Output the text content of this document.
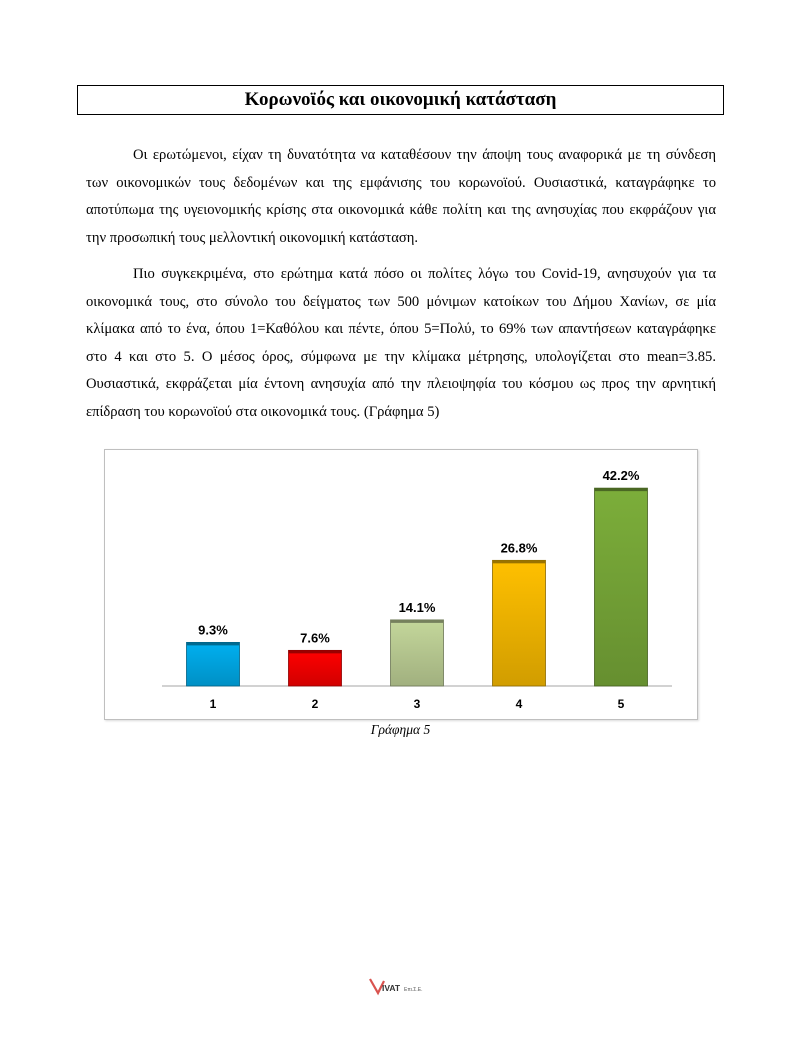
Κορωνοϊός και οικονομική κατάσταση

Οι ερωτώμενοι, είχαν τη δυνατότητα να καταθέσουν την άποψη τους αναφορικά με τη σύνδεση των οικονομικών τους δεδομένων και της εμφάνισης του κορωνοϊού. Ουσιαστικά, καταγράφηκε το αποτύπωμα της υγειονομικής κρίσης στα οικονομικά κάθε πολίτη και της ανησυχίας που εκφράζουν για την προσωπική τους μελλοντική οικονομική κατάσταση.

Πιο συγκεκριμένα, στο ερώτημα κατά πόσο οι πολίτες λόγω του Covid-19, ανησυχούν για τα οικονομικά τους, στο σύνολο του δείγματος των 500 μόνιμων κατοίκων του Δήμου Χανίων, σε μία κλίμακα από το ένα, όπου 1=Καθόλου και πέντε, όπου 5=Πολύ, το 69% των απαντήσεων καταγράφηκε στο 4 και στο 5. Ο μέσος όρος, σύμφωνα με την κλίμακα μέτρησης, υπολογίζεται στο mean=3.85. Ουσιαστικά, εκφράζεται μία έντονη ανησυχία από την πλειοψηφία του κόσμου ως προς την αρνητική επίδραση του κορωνοϊού στα οικονομικά τους. (Γράφημα 5)

9.3%
1
7.6%
2
14.1%
3
26.8%
4
42.2%
5
Γράφημα 5
IVAT Επι.Σ.Ε.
